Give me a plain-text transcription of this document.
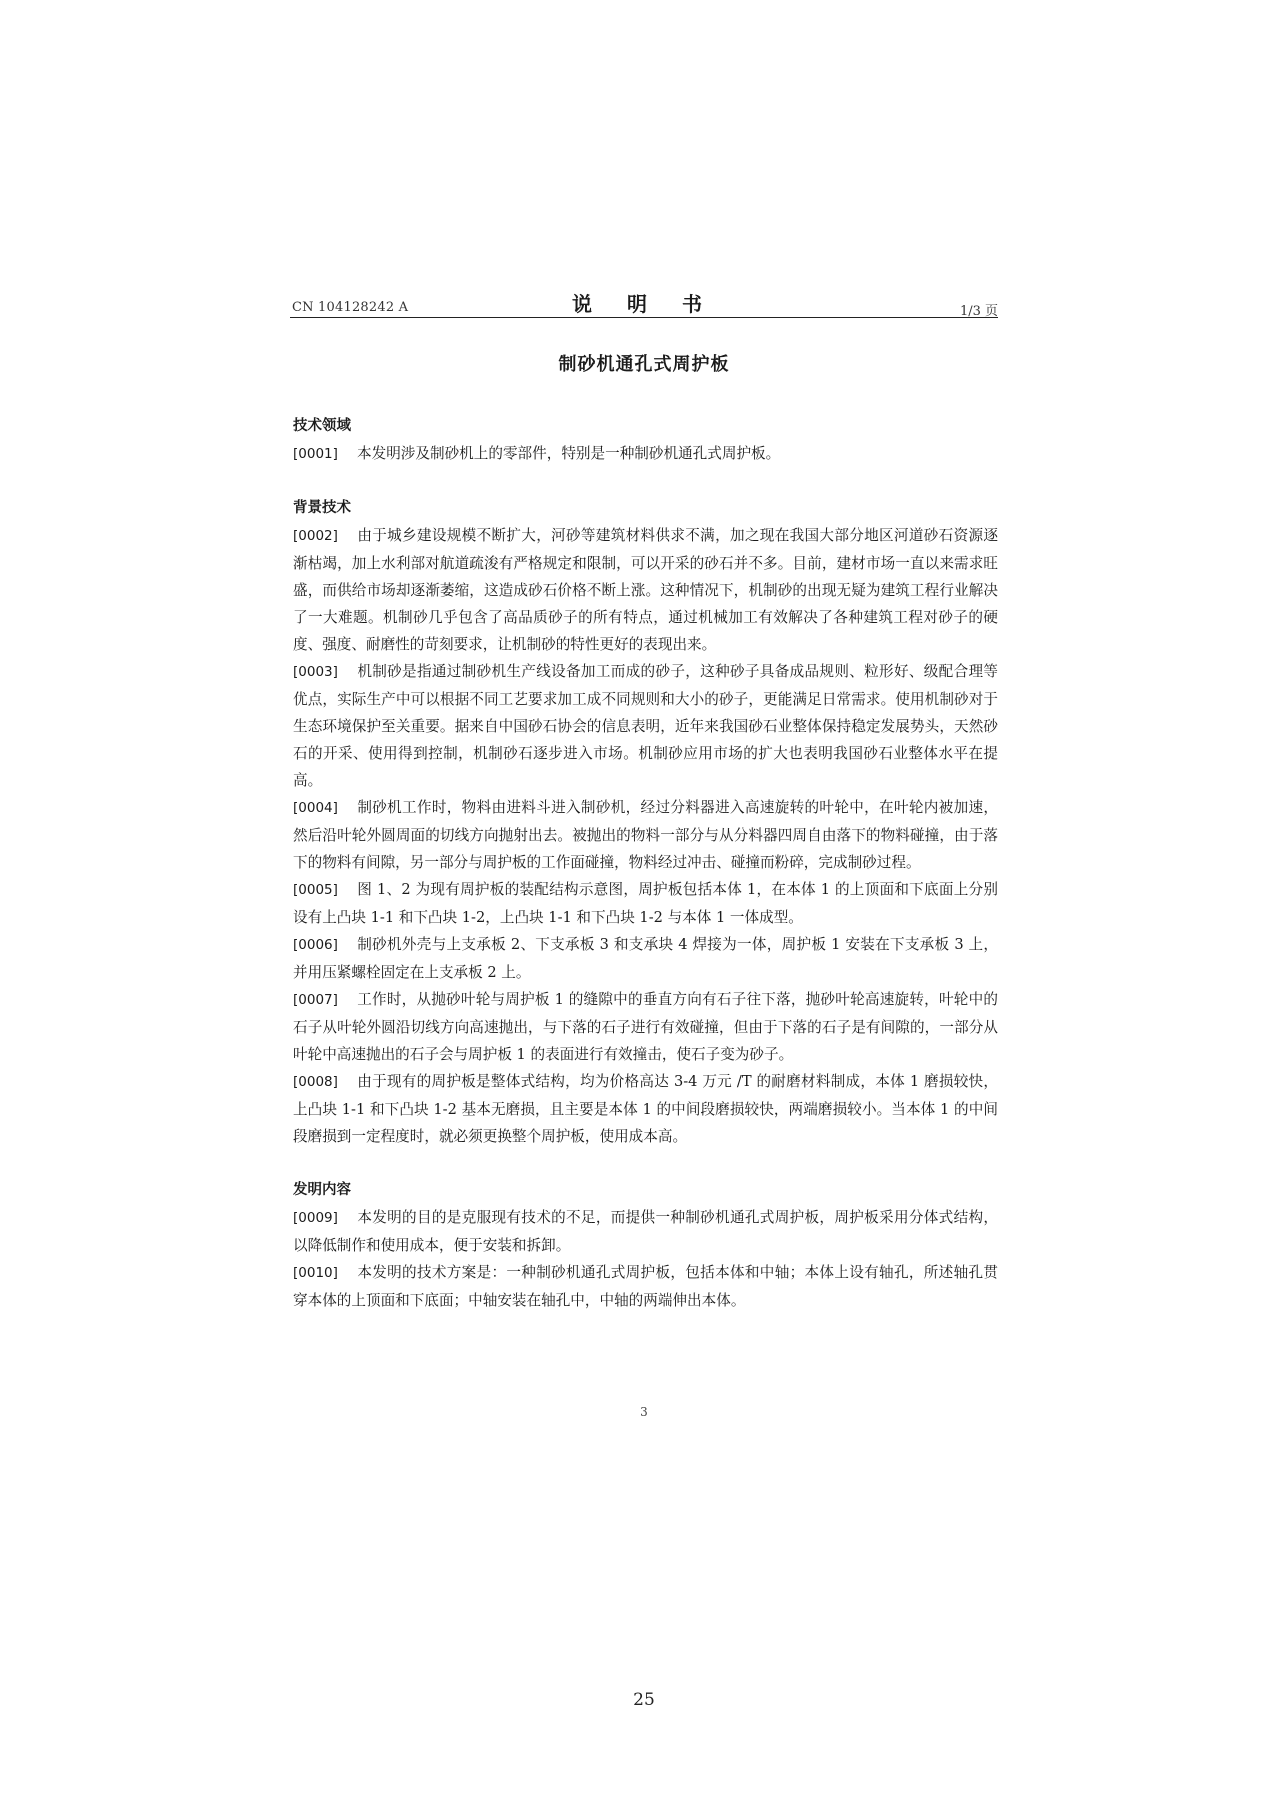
CN 104128242 A	说 明 书	1/3 页
制砂机通孔式周护板
技术领域

[0001] 本发明涉及制砂机上的零部件，特别是一种制砂机通孔式周护板。

背景技术

[0002] 由于城乡建设规模不断扩大，河砂等建筑材料供求不满，加之现在我国大部分地区河道砂石资源逐渐枯竭，加上水利部对航道疏浚有严格规定和限制，可以开采的砂石并不多。目前，建材市场一直以来需求旺盛，而供给市场却逐渐萎缩，这造成砂石价格不断上涨。这种情况下，机制砂的出现无疑为建筑工程行业解决了一大难题。机制砂几乎包含了高品质砂子的所有特点，通过机械加工有效解决了各种建筑工程对砂子的硬度、强度、耐磨性的苛刻要求，让机制砂的特性更好的表现出来。

[0003] 机制砂是指通过制砂机生产线设备加工而成的砂子，这种砂子具备成品规则、粒形好、级配合理等优点，实际生产中可以根据不同工艺要求加工成不同规则和大小的砂子，更能满足日常需求。使用机制砂对于生态环境保护至关重要。据来自中国砂石协会的信息表明，近年来我国砂石业整体保持稳定发展势头，天然砂石的开采、使用得到控制，机制砂石逐步进入市场。机制砂应用市场的扩大也表明我国砂石业整体水平在提高。

[0004] 制砂机工作时，物料由进料斗进入制砂机，经过分料器进入高速旋转的叶轮中，在叶轮内被加速，然后沿叶轮外圆周面的切线方向抛射出去。被抛出的物料一部分与从分料器四周自由落下的物料碰撞，由于落下的物料有间隙，另一部分与周护板的工作面碰撞，物料经过冲击、碰撞而粉碎，完成制砂过程。

[0005] 图 1、2 为现有周护板的装配结构示意图，周护板包括本体 1，在本体 1 的上顶面和下底面上分别设有上凸块 1-1 和下凸块 1-2，上凸块 1-1 和下凸块 1-2 与本体 1 一体成型。

[0006] 制砂机外壳与上支承板 2、下支承板 3 和支承块 4 焊接为一体，周护板 1 安装在下支承板 3 上，并用压紧螺栓固定在上支承板 2 上。

[0007] 工作时，从抛砂叶轮与周护板 1 的缝隙中的垂直方向有石子往下落，抛砂叶轮高速旋转，叶轮中的石子从叶轮外圆沿切线方向高速抛出，与下落的石子进行有效碰撞，但由于下落的石子是有间隙的，一部分从叶轮中高速抛出的石子会与周护板 1 的表面进行有效撞击，使石子变为砂子。

[0008] 由于现有的周护板是整体式结构，均为价格高达 3-4 万元 /T 的耐磨材料制成，本体 1 磨损较快，上凸块 1-1 和下凸块 1-2 基本无磨损，且主要是本体 1 的中间段磨损较快，两端磨损较小。当本体 1 的中间段磨损到一定程度时，就必须更换整个周护板，使用成本高。

发明内容

[0009] 本发明的目的是克服现有技术的不足，而提供一种制砂机通孔式周护板，周护板采用分体式结构，以降低制作和使用成本，便于安装和拆卸。

[0010] 本发明的技术方案是：一种制砂机通孔式周护板，包括本体和中轴；本体上设有轴孔，所述轴孔贯穿本体的上顶面和下底面；中轴安装在轴孔中，中轴的两端伸出本体。

3
25
